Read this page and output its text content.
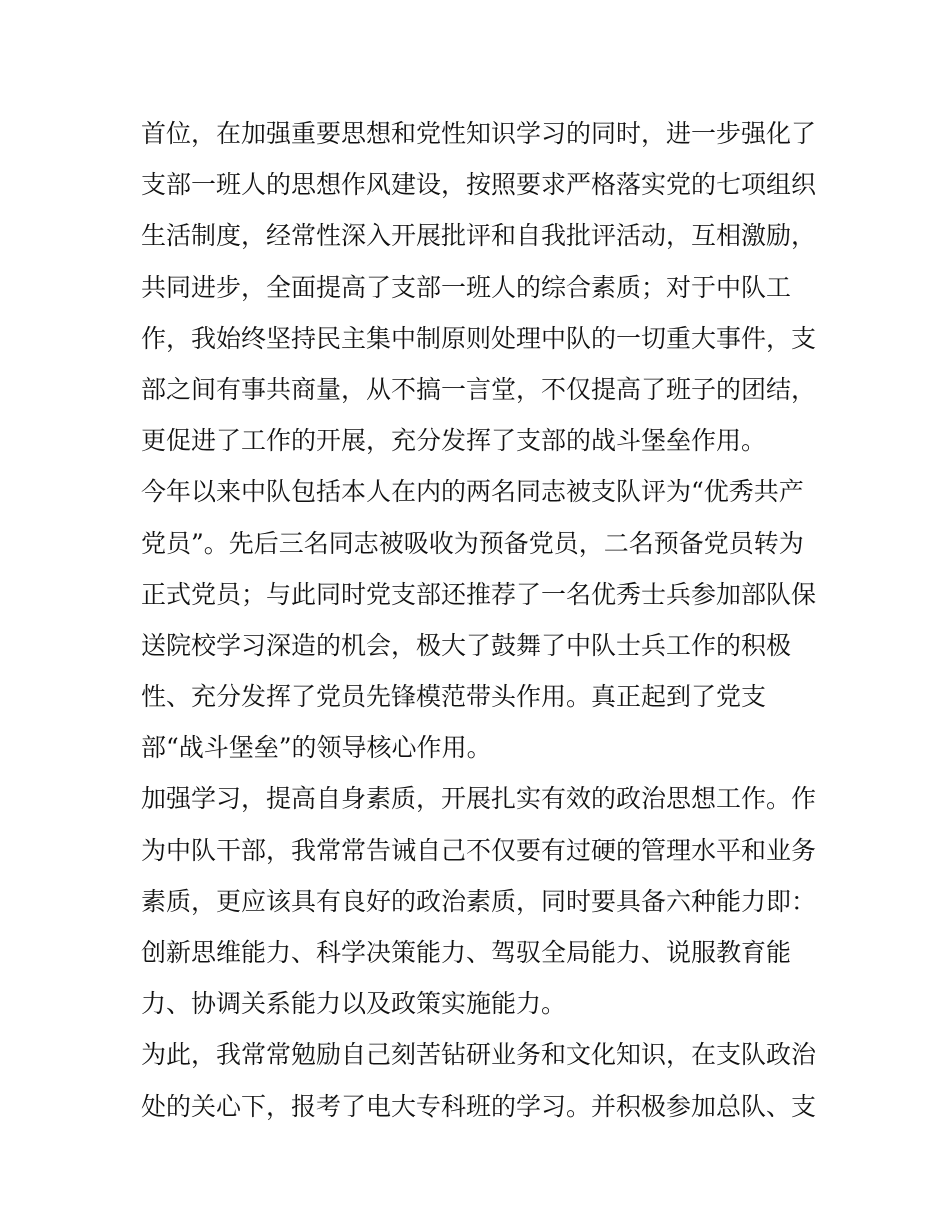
首位，在加强重要思想和党性知识学习的同时，进一步强化了
支部一班人的思想作风建设，按照要求严格落实党的七项组织
生活制度，经常性深入开展批评和自我批评活动，互相激励，
共同进步，全面提高了支部一班人的综合素质；对于中队工
作，我始终坚持民主集中制原则处理中队的一切重大事件，支
部之间有事共商量，从不搞一言堂，不仅提高了班子的团结，
更促进了工作的开展，充分发挥了支部的战斗堡垒作用。
今年以来中队包括本人在内的两名同志被支队评为“优秀共产
党员”。先后三名同志被吸收为预备党员，二名预备党员转为
正式党员；与此同时党支部还推荐了一名优秀士兵参加部队保
送院校学习深造的机会，极大了鼓舞了中队士兵工作的积极
性、充分发挥了党员先锋模范带头作用。真正起到了党支
部“战斗堡垒”的领导核心作用。
加强学习，提高自身素质，开展扎实有效的政治思想工作。作
为中队干部，我常常告诫自己不仅要有过硬的管理水平和业务
素质，更应该具有良好的政治素质，同时要具备六种能力即：
创新思维能力、科学决策能力、驾驭全局能力、说服教育能
力、协调关系能力以及政策实施能力。
为此，我常常勉励自己刻苦钻研业务和文化知识，在支队政治
处的关心下，报考了电大专科班的学习。并积极参加总队、支
